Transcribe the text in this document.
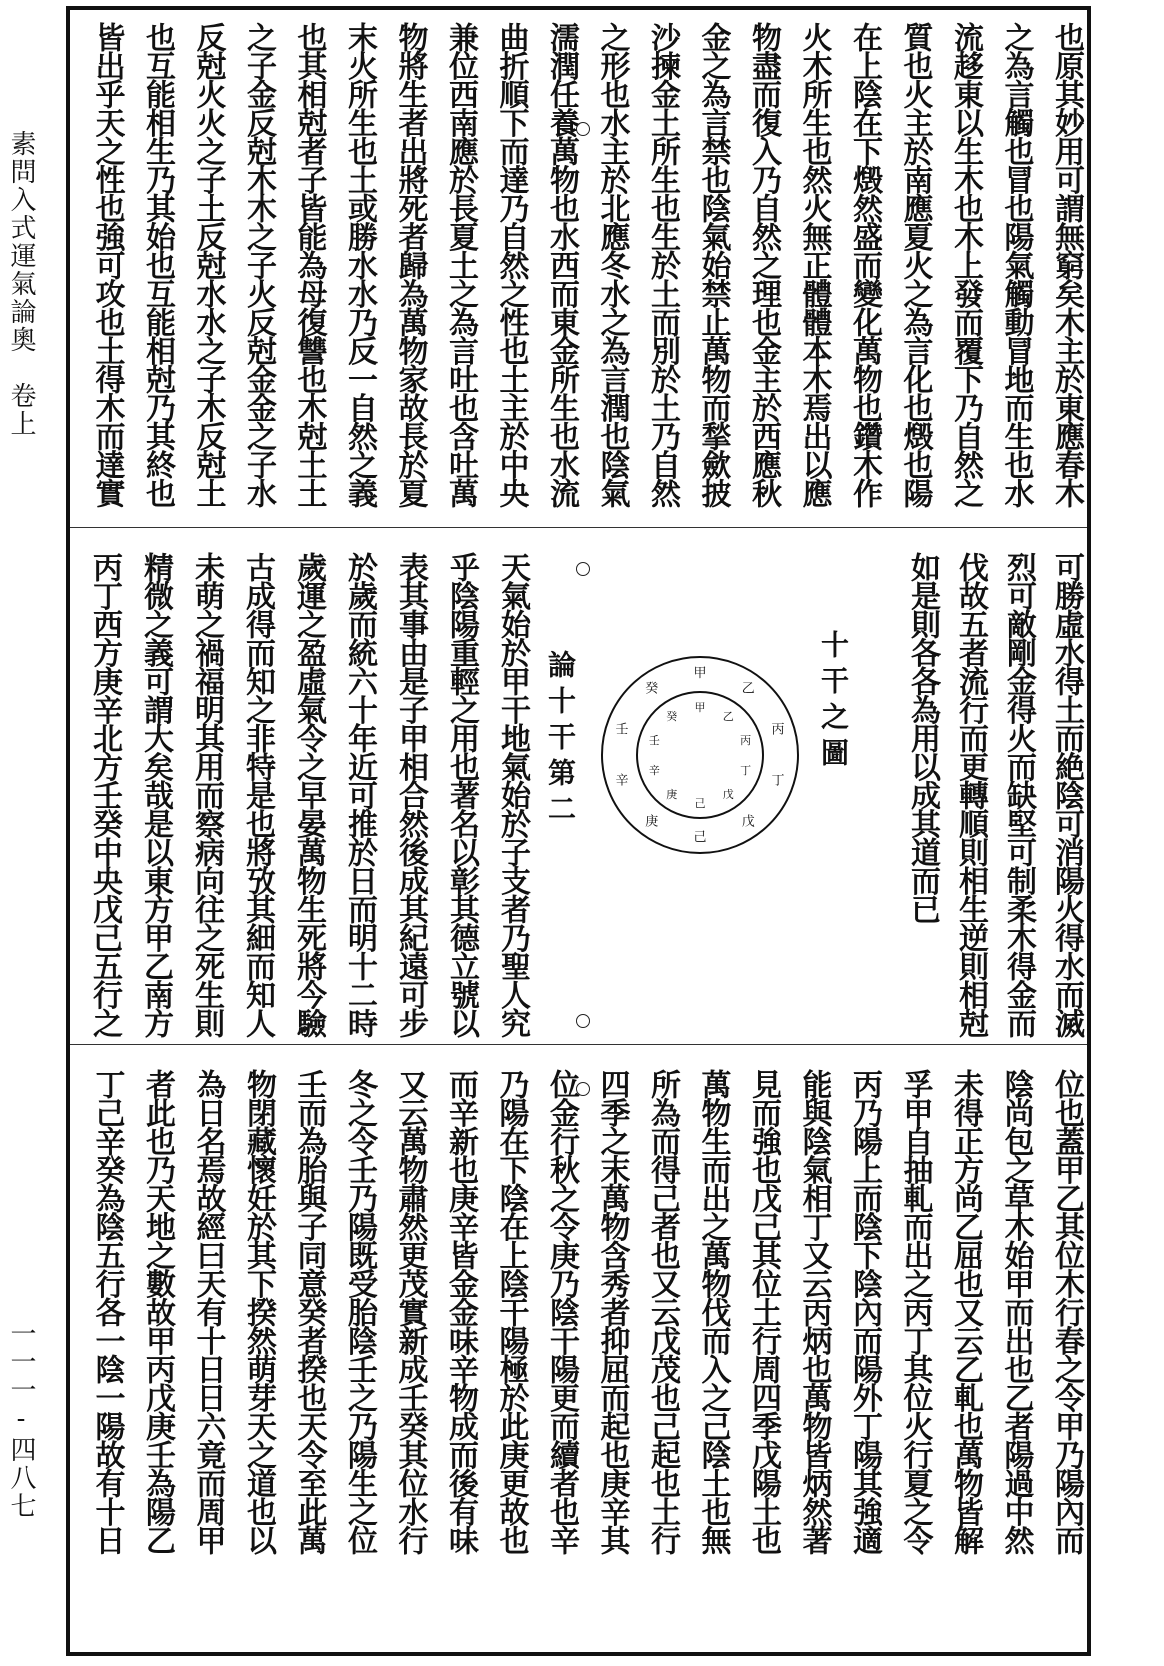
素問入式運氣論奧　卷上
一一一-四八七
也原其妙用可謂無窮矣木主於東應春木
之為言觸也冒也陽氣觸動冒地而生也水
流趍東以生木也木上發而覆下乃自然之
質也火主於南應夏火之為言化也燬也陽
在上陰在下燬然盛而變化萬物也鑽木作
火木所生也然火無正體體本木焉出以應
物盡而復入乃自然之理也金主於西應秋
金之為言禁也陰氣始禁止萬物而揫歛披
沙揀金土所生也生於土而別於土乃自然
之形也水主於北應冬水之為言潤也陰氣
濡潤任養萬物也水西而東金所生也水流
曲折順下而達乃自然之性也土主於中央
兼位西南應於長夏土之為言吐也含吐萬
物將生者出將死者歸為萬物家故長於夏
末火所生也土或勝水水乃反一自然之義
也其相尅者子皆能為母復讐也木尅土土
之子金反尅木木之子火反尅金金之子水
反尅火火之子土反尅水水之子木反尅土
也互能相生乃其始也互能相尅乃其終也
皆出乎天之性也強可攻也土得木而達實
可勝虛水得土而絶陰可消陽火得水而滅
烈可敵剛金得火而缺堅可制柔木得金而
伐故五者流行而更轉順則相生逆則相尅
如是則各各為用以成其道而已
十干之圖
甲
乙
丙
丁
戊
己
庚
辛
壬
癸
甲
乙
丙
丁
戊
己
庚
辛
壬
癸
論十干第二
天氣始於甲干地氣始於子支者乃聖人究
乎陰陽重輕之用也著名以彰其德立號以
表其事由是子甲相合然後成其紀遠可步
於歲而統六十年近可推於日而明十二時
歲運之盈虛氣令之早晏萬物生死將今驗
古成得而知之非特是也將攷其細而知人
未萌之禍福明其用而察病向往之死生則
精微之義可謂大矣哉是以東方甲乙南方
丙丁西方庚辛北方壬癸中央戊己五行之
位也蓋甲乙其位木行春之令甲乃陽內而
陰尚包之草木始甲而出也乙者陽過中然
未得正方尚乙屈也又云乙軋也萬物皆解
孚甲自抽軋而出之丙丁其位火行夏之令
丙乃陽上而陰下陰內而陽外丁陽其強適
能與陰氣相丁又云丙炳也萬物皆炳然著
見而強也戊己其位土行周四季戊陽土也
萬物生而出之萬物伐而入之己陰土也無
所為而得己者也又云戊茂也己起也土行
四季之末萬物含秀者抑屈而起也庚辛其
位金行秋之令庚乃陰干陽更而續者也辛
乃陽在下陰在上陰干陽極於此庚更故也
而辛新也庚辛皆金金味辛物成而後有味
又云萬物肅然更茂實新成壬癸其位水行
冬之令壬乃陽既受胎陰壬之乃陽生之位
壬而為胎與子同意癸者揆也天令至此萬
物閉藏懷妊於其下揆然萌芽天之道也以
為日名焉故經曰天有十日日六竟而周甲
者此也乃天地之數故甲丙戊庚壬為陽乙
丁己辛癸為陰五行各一陰一陽故有十日
